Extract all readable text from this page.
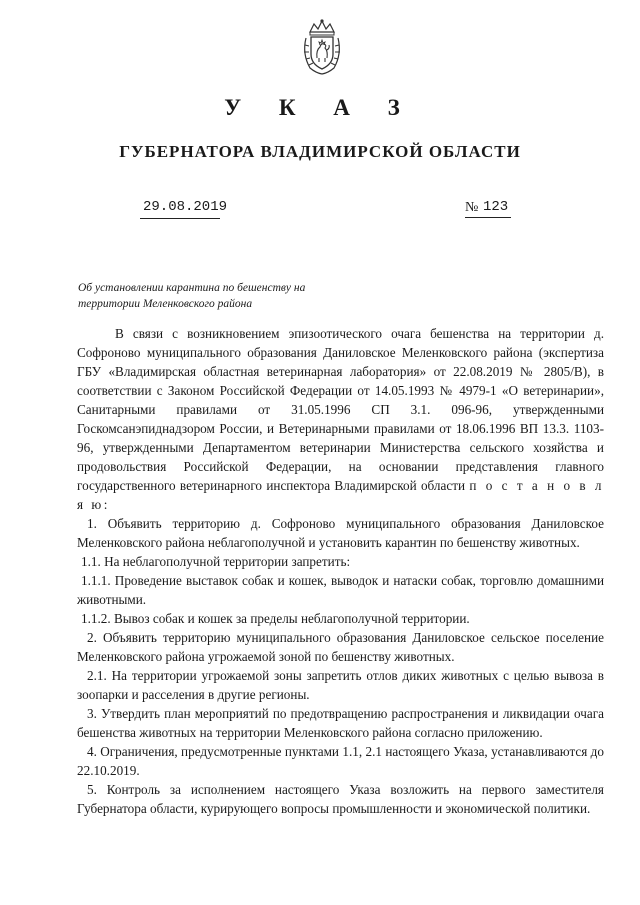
У К А З
ГУБЕРНАТОРА ВЛАДИМИРСКОЙ ОБЛАСТИ
29.08.2019	№ 123
Об установлении карантина по бешенству на
территории Меленковского района

В связи с возникновением эпизоотического очага бешенства на территории д. Софроново муниципального образования Даниловское Меленковского района (экспертиза ГБУ «Владимирская областная ветеринарная лаборатория» от 22.08.2019 № 2805/В), в соответствии с Законом Российской Федерации от 14.05.1993 № 4979-1 «О ветеринарии», Санитарными правилами от 31.05.1996 СП 3.1. 096-96, утвержденными Госкомсанэпиднадзором России, и Ветеринарными правилами от 18.06.1996 ВП 13.3. 1103-96, утвержденными Департаментом ветеринарии Министерства сельского хозяйства и продовольствия Российской Федерации, на основании представления главного государственного ветеринарного инспектора Владимирской области п о с т а н о в л я ю:

1. Объявить территорию д. Софроново муниципального образования Даниловское Меленковского района неблагополучной и установить карантин по бешенству животных.

1.1. На неблагополучной территории запретить:

1.1.1. Проведение выставок собак и кошек, выводок и натаски собак, торговлю домашними животными.

1.1.2. Вывоз собак и кошек за пределы неблагополучной территории.

2. Объявить территорию муниципального образования Даниловское сельское поселение Меленковского района угрожаемой зоной по бешенству животных.

2.1. На территории угрожаемой зоны запретить отлов диких животных с целью вывоза в зоопарки и расселения в другие регионы.

3. Утвердить план мероприятий по предотвращению распространения и ликвидации очага бешенства животных на территории Меленковского района согласно приложению.

4. Ограничения, предусмотренные пунктами 1.1, 2.1 настоящего Указа, устанавливаются до 22.10.2019.

5. Контроль за исполнением настоящего Указа возложить на первого заместителя Губернатора области, курирующего вопросы промышленности и экономической политики.
